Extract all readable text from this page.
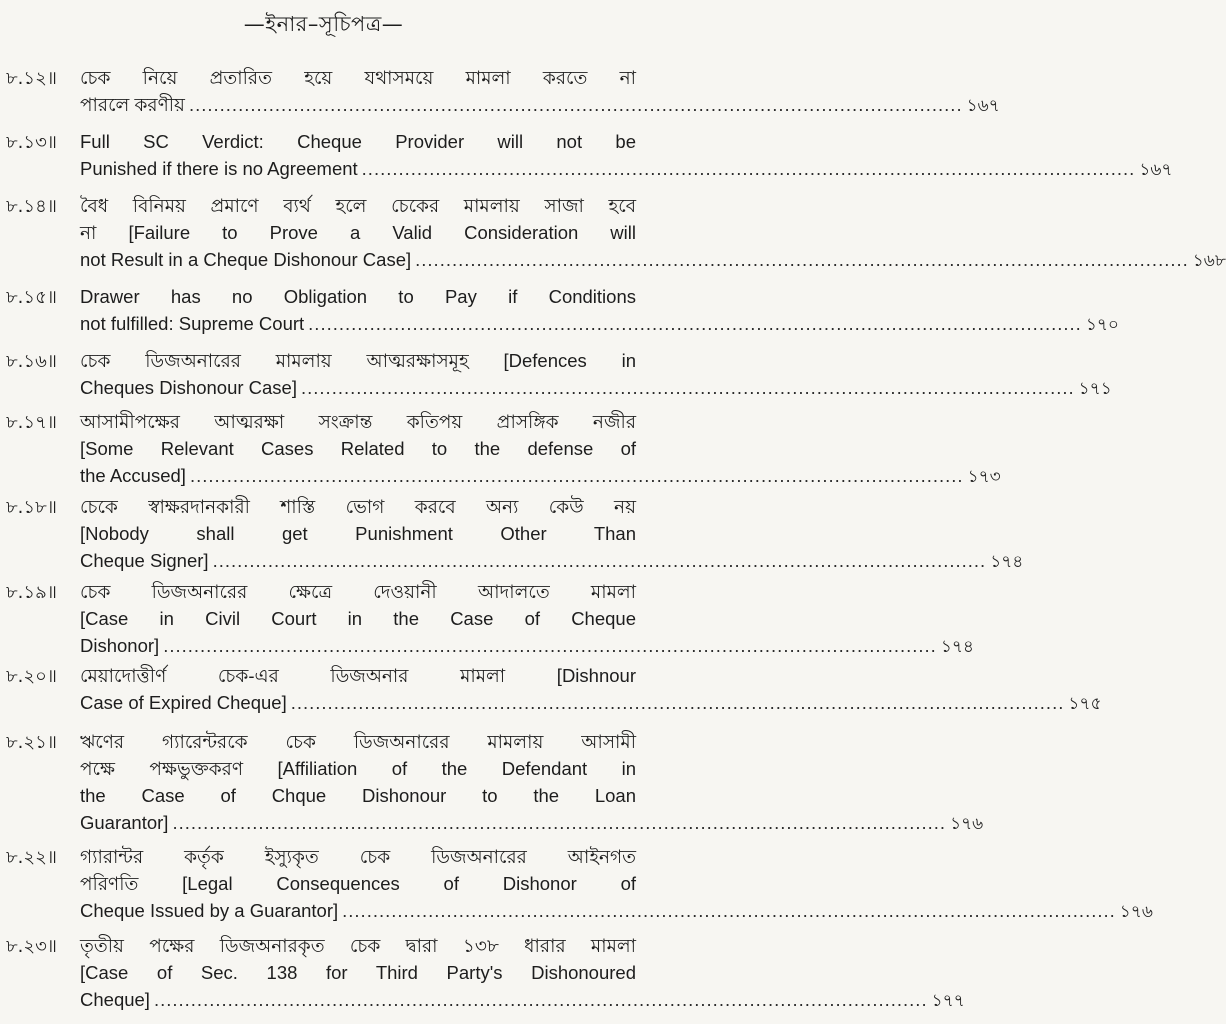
—ইনার–সূচিপত্র—
৮.১২॥ চেক নিয়ে প্রতারিত হয়ে যথাসময়ে মামলা করতে না
পারলে করণীয় .............................................................................................................................. ১৬৭
৮.১৩॥ Full SC Verdict: Cheque Provider will not be
Punished if there is no Agreement .............................................................................................................................. ১৬৭
৮.১৪॥ বৈধ বিনিময় প্রমাণে ব্যর্থ হলে চেকের মামলায় সাজা হবে
না [Failure to Prove a Valid Consideration will
not Result in a Cheque Dishonour Case] .............................................................................................................................. ১৬৮
৮.১৫॥ Drawer has no Obligation to Pay if Conditions
not fulfilled: Supreme Court .............................................................................................................................. ১৭০
৮.১৬॥ চেক ডিজঅনারের মামলায় আত্মরক্ষাসমূহ [Defences in
Cheques Dishonour Case] .............................................................................................................................. ১৭১
৮.১৭॥ আসামীপক্ষের আত্মরক্ষা সংক্রান্ত কতিপয় প্রাসঙ্গিক নজীর
[Some Relevant Cases Related to the defense of
the Accused] .............................................................................................................................. ১৭৩
৮.১৮॥ চেকে স্বাক্ষরদানকারী শাস্তি ভোগ করবে অন্য কেউ নয়
[Nobody shall get Punishment Other Than
Cheque Signer] .............................................................................................................................. ১৭৪
৮.১৯॥ চেক ডিজঅনারের ক্ষেত্রে দেওয়ানী আদালতে মামলা
[Case in Civil Court in the Case of Cheque
Dishonor] .............................................................................................................................. ১৭৪
৮.২০॥ মেয়াদোত্তীর্ণ চেক-এর ডিজঅনার মামলা [Dishnour
Case of Expired Cheque] .............................................................................................................................. ১৭৫
৮.২১॥ ঋণের গ্যারেন্টরকে চেক ডিজঅনারের মামলায় আসামী
পক্ষে পক্ষভুক্তকরণ [Affiliation of the Defendant in
the Case of Chque Dishonour to the Loan
Guarantor] .............................................................................................................................. ১৭৬
৮.২২॥ গ্যারান্টর কর্তৃক ইস্যুকৃত চেক ডিজঅনারের আইনগত
পরিণতি [Legal Consequences of Dishonor of
Cheque Issued by a Guarantor] .............................................................................................................................. ১৭৬
৮.২৩॥ তৃতীয় পক্ষের ডিজঅনারকৃত চেক দ্বারা ১৩৮ ধারার মামলা
[Case of Sec. 138 for Third Party's Dishonoured
Cheque] .............................................................................................................................. ১৭৭
